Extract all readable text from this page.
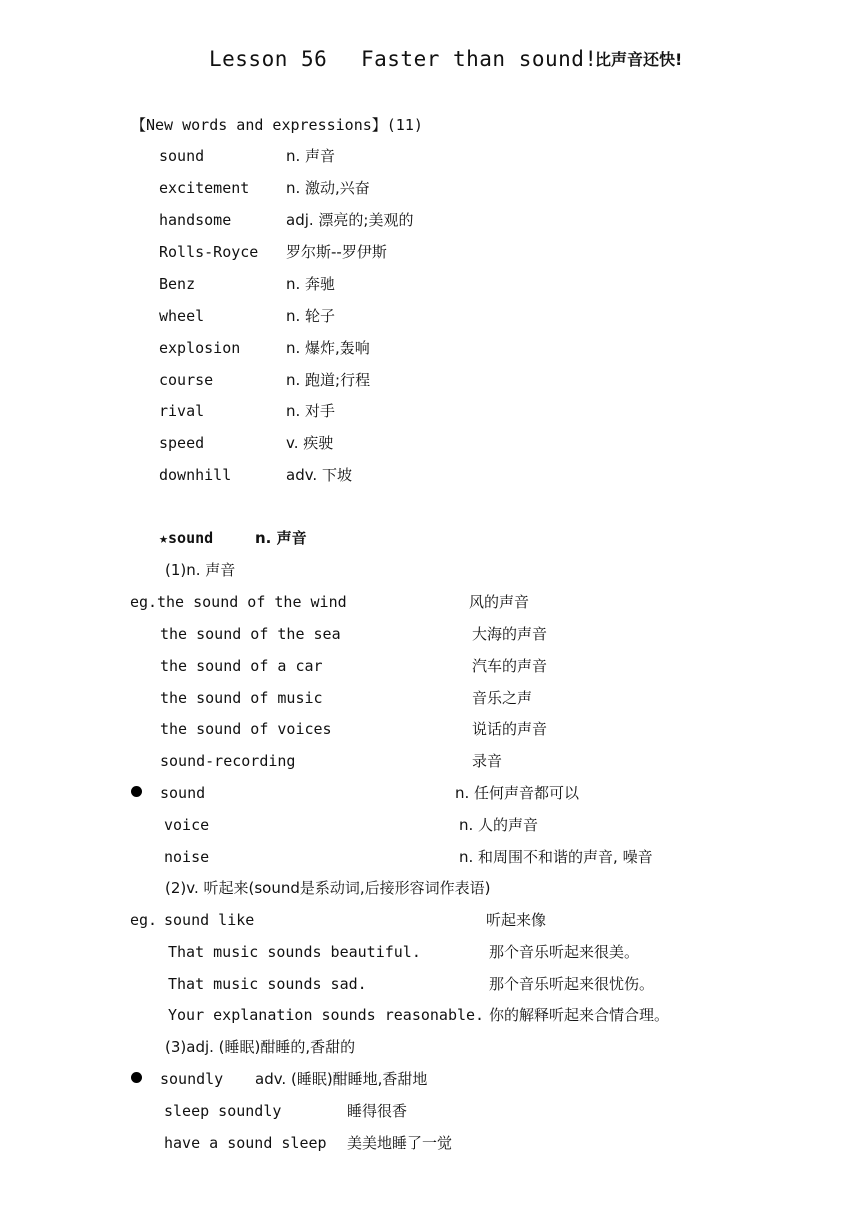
Lesson 56 Faster than sound!
比声音还快!
【New words and expressions】(11)
sound	n. 声音
excitement n. 激动,兴奋
handsome	adj. 漂亮的;美观的
Rolls-Royce 罗尔斯--罗伊斯
Benz	n. 奔驰
wheel	n. 轮子
explosion	n. 爆炸,轰响
course	n. 跑道;行程
rival	n. 对手
speed	v. 疾驶
downhill	adv. 下坡
★sound	n. 声音
(1)n. 声音
eg. the sound of the wind	风的声音
the sound of the sea	大海的声音
the sound of a car	汽车的声音
the sound of music	音乐之声
the sound of voices	说话的声音
sound-recording	录音
sound	n. 任何声音都可以
voice	n. 人的声音
noise	n. 和周围不和谐的声音, 噪音
(2)v. 听起来(sound是系动词,后接形容词作表语)
eg. sound like	听起来像
That music sounds beautiful.	那个音乐听起来很美。
That music sounds sad.	那个音乐听起来很忧伤。
Your explanation sounds reasonable. 你的解释听起来合情合理。
(3)adj. (睡眠)酣睡的,香甜的
soundly adv. (睡眠)酣睡地,香甜地
sleep soundly	睡得很香
have a sound sleep 美美地睡了一觉
